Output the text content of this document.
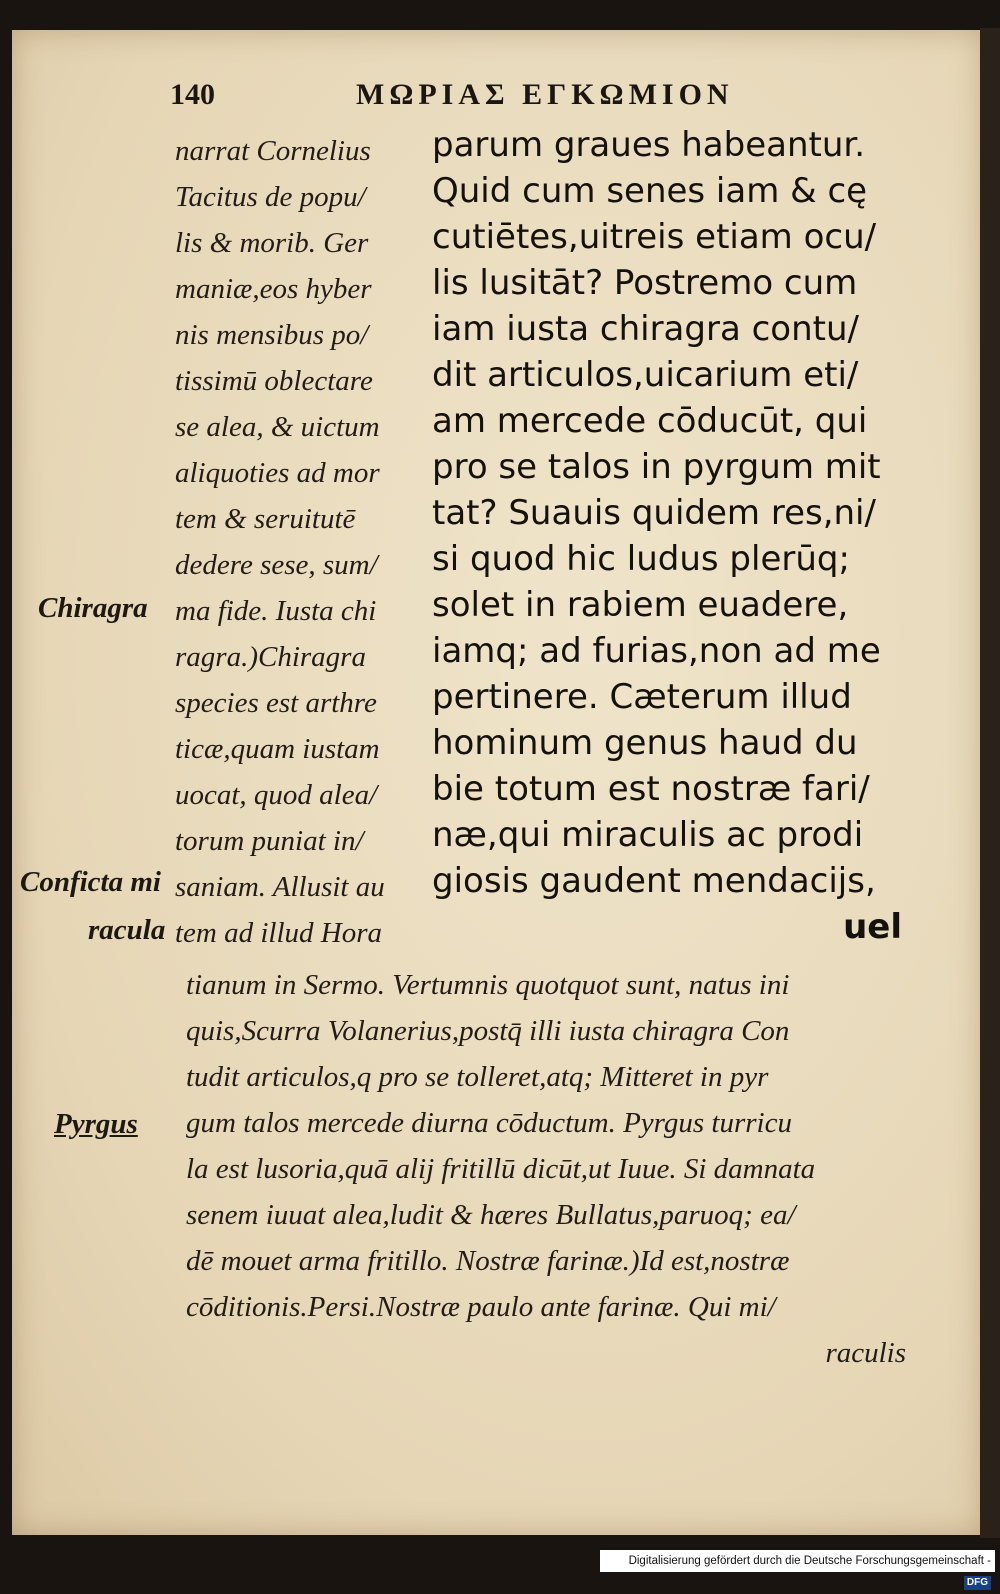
140	ΜΩΡΙΑΣ ΕΓΚΩΜΙΟΝ
narrat Cornelius
Tacitus de popu/
lis & morib. Ger
maniæ,eos hyber
nis mensibus po/
tissimū oblectare
se alea, & uictum
aliquoties ad mor
tem & seruitutē
dedere sese, sum/
ma fide. Iusta chi
ragra.)Chiragra
species est arthre
ticæ,quam iustam
uocat, quod alea/
torum puniat in/
saniam. Allusit au
tem ad illud Hora
parum graues habeantur.
Quid cum senes iam & cę
cutiētes,uitreis etiam ocu/
lis lusitāt? Postremo cum
iam iusta chiragra contu/
dit articulos,uicarium eti/
am mercede cōducūt, qui
pro se talos in pyrgum mit
tat? Suauis quidem res,ni/
si quod hic ludus plerūq;
solet in rabiem euadere,
iamq; ad furias,non ad me
pertinere. Cæterum illud
hominum genus haud du
bie totum est nostræ fari/
næ,qui miraculis ac prodi
giosis gaudent mendacijs,
uel
Chiragra
Conficta mi
racula
Pyrgus
tianum in Sermo. Vertumnis quotquot sunt, natus ini
quis,Scurra Volanerius,postq̄ illi iusta chiragra Con
tudit articulos,q pro se tolleret,atq; Mitteret in pyr
gum talos mercede diurna cōductum. Pyrgus turricu
la est lusoria,quā alij fritillū dicūt,ut Iuue. Si damnata
senem iuuat alea,ludit & hæres Bullatus,paruoq; ea/
dē mouet arma fritillo. Nostræ farinæ.)Id est,nostræ
cōditionis.Persi.Nostræ paulo ante farinæ. Qui mi/
raculis
Digitalisierung gefördert durch die Deutsche Forschungsgemeinschaft - DFG
